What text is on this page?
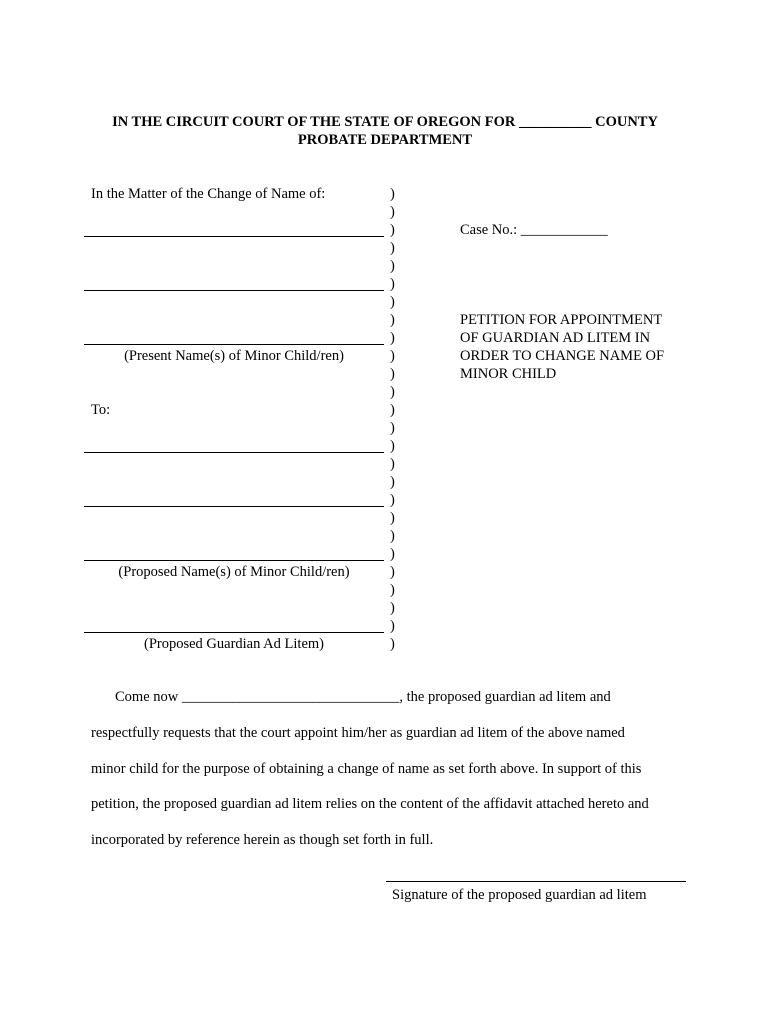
IN THE CIRCUIT COURT OF THE STATE OF OREGON FOR __________ COUNTY
PROBATE DEPARTMENT
In the Matter of the Change of Name of:
(Present Name(s) of Minor Child/ren)
To:
(Proposed Name(s) of Minor Child/ren)
(Proposed Guardian Ad Litem)
)
)
)
)
)
)
)
)
)
)
)
)
)
)
)
)
)
)
)
)
)
)
)
)
)
)
Case No.: ____________
PETITION FOR APPOINTMENT
OF GUARDIAN AD LITEM IN
ORDER TO CHANGE NAME OF
MINOR CHILD
Come now ______________________________, the proposed guardian ad litem and
respectfully requests that the court appoint him/her as guardian ad litem of the above named
minor child for the purpose of obtaining a change of name as set forth above. In support of this
petition, the proposed guardian ad litem relies on the content of the affidavit attached hereto and
incorporated by reference herein as though set forth in full.
Signature of the proposed guardian ad litem
